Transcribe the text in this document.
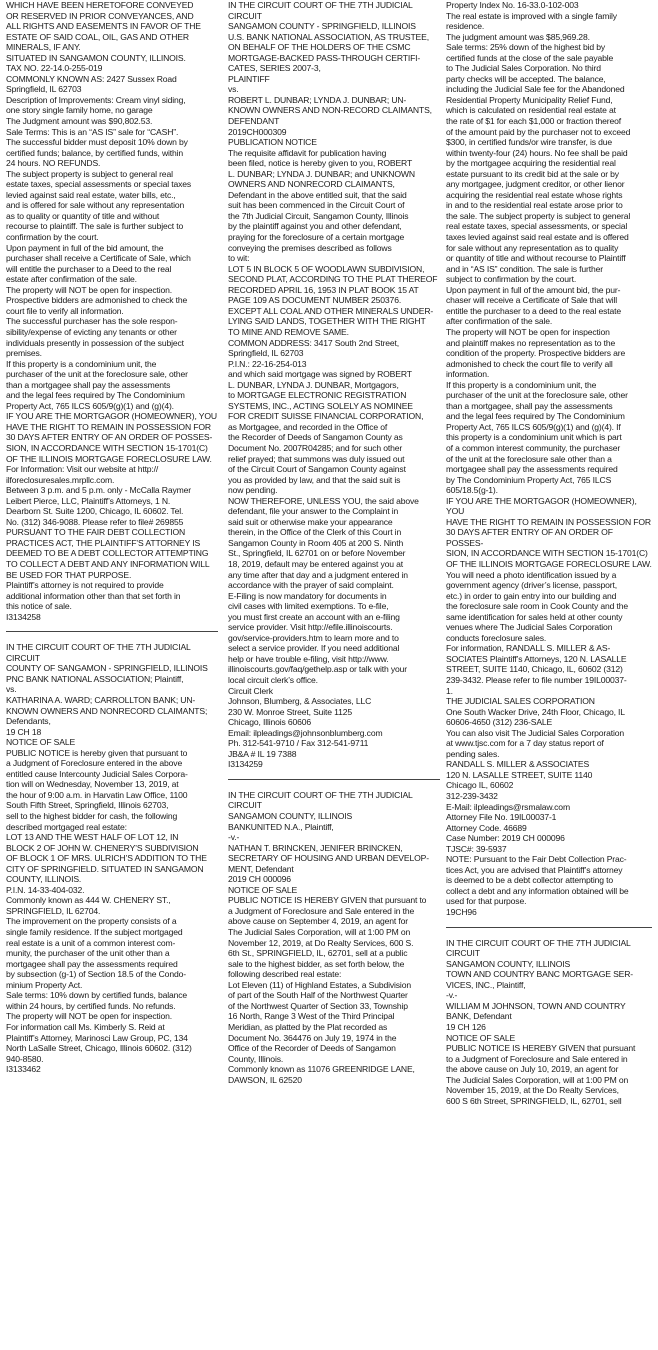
WHICH HAVE BEEN HERETOFORE CONVEYED

OR RESERVED IN PRIOR CONVEYANCES, AND

ALL RIGHTS AND EASEMENTS IN FAVOR OF THE

ESTATE OF SAID COAL, OIL, GAS AND OTHER

MINERALS, IF ANY.

SITUATED IN SANGAMON COUNTY, ILLINOIS.

TAX NO. 22-14.0-255-019

COMMONLY KNOWN AS: 2427 Sussex Road

Springfield, IL 62703

Description of Improvements: Cream vinyl siding,

one story single family home, no garage

The Judgment amount was $90,802.53.

Sale Terms: This is an “AS IS” sale for “CASH”.

The successful bidder must deposit 10% down by

certified funds; balance, by certified funds, within

24 hours. NO REFUNDS.

The subject property is subject to general real

estate taxes, special assessments or special taxes

levied against said real estate, water bills, etc.,

and is offered for sale without any representation

as to quality or quantity of title and without

recourse to plaintiff. The sale is further subject to

confirmation by the court.

Upon payment in full of the bid amount, the

purchaser shall receive a Certificate of Sale, which

will entitle the purchaser to a Deed to the real

estate after confirmation of the sale.

The property will NOT be open for inspection.

Prospective bidders are admonished to check the

court file to verify all information.

The successful purchaser has the sole respon-

sibility/expense of evicting any tenants or other

individuals presently in possession of the subject

premises.

If this property is a condominium unit, the

purchaser of the unit at the foreclosure sale, other

than a mortgagee shall pay the assessments

and the legal fees required by The Condominium

Property Act, 765 ILCS 605/9(g)(1) and (g)(4).

IF YOU ARE THE MORTGAGOR (HOMEOWNER), YOU

HAVE THE RIGHT TO REMAIN IN POSSESSION FOR

30 DAYS AFTER ENTRY OF AN ORDER OF POSSES-

SION, IN ACCORDANCE WITH SECTION 15-1701(C)

OF THE ILLINOIS MORTGAGE FORECLOSURE LAW.

For Information: Visit our website at http://

ilforeclosuresales.mrpllc.com.

Between 3 p.m. and 5 p.m. only - McCalla Raymer

Leibert Pierce, LLC, Plaintiff’s Attorneys, 1 N.

Dearborn St. Suite 1200, Chicago, IL 60602. Tel.

No. (312) 346-9088. Please refer to file# 269855

PURSUANT TO THE FAIR DEBT COLLECTION

PRACTICES ACT, THE PLAINTIFF’S ATTORNEY IS

DEEMED TO BE A DEBT COLLECTOR ATTEMPTING

TO COLLECT A DEBT AND ANY INFORMATION WILL

BE USED FOR THAT PURPOSE.

Plaintiff’s attorney is not required to provide

additional information other than that set forth in

this notice of sale.

I3134258

IN THE CIRCUIT COURT OF THE 7TH JUDICIAL

CIRCUIT

COUNTY OF SANGAMON - SPRINGFIELD, ILLINOIS

PNC BANK NATIONAL ASSOCIATION; Plaintiff,

vs.

KATHARINA A. WARD; CARROLLTON BANK; UN-

KNOWN OWNERS AND NONRECORD CLAIMANTS;

Defendants,

19 CH 18

NOTICE OF SALE

PUBLIC NOTICE is hereby given that pursuant to

a Judgment of Foreclosure entered in the above

entitled cause Intercounty Judicial Sales Corpora-

tion will on Wednesday, November 13, 2019, at

the hour of 9:00 a.m. in Harvatin Law Office, 1100

South Fifth Street, Springfield, Illinois 62703,

sell to the highest bidder for cash, the following

described mortgaged real estate:

LOT 13 AND THE WEST HALF OF LOT 12, IN

BLOCK 2 OF JOHN W. CHENERY’S SUBDIVISION

OF BLOCK 1 OF MRS. ULRICH’S ADDITION TO THE

CITY OF SPRINGFIELD. SITUATED IN SANGAMON

COUNTY, ILLINOIS.

P.I.N. 14-33-404-032.

Commonly known as 444 W. CHENERY ST.,

SPRINGFIELD, IL 62704.

The improvement on the property consists of a

single family residence. If the subject mortgaged

real estate is a unit of a common interest com-

munity, the purchaser of the unit other than a

mortgagee shall pay the assessments required

by subsection (g-1) of Section 18.5 of the Condo-

minium Property Act.

Sale terms: 10% down by certified funds, balance

within 24 hours, by certified funds. No refunds.

The property will NOT be open for inspection.

For information call Ms. Kimberly S. Reid at

Plaintiff’s Attorney, Marinosci Law Group, PC, 134

North LaSalle Street, Chicago, Illinois 60602. (312)

940-8580.

I3133462

IN THE CIRCUIT COURT OF THE 7TH JUDICIAL

CIRCUIT

SANGAMON COUNTY - SPRINGFIELD, ILLINOIS

U.S. BANK NATIONAL ASSOCIATION, AS TRUSTEE,

ON BEHALF OF THE HOLDERS OF THE CSMC

MORTGAGE-BACKED PASS-THROUGH CERTIFI-

CATES, SERIES 2007-3,

PLAINTIFF

vs.

ROBERT L. DUNBAR; LYNDA J. DUNBAR; UN-

KNOWN OWNERS AND NON-RECORD CLAIMANTS,

DEFENDANT

2019CH000309

PUBLICATION NOTICE

The requisite affidavit for publication having

been filed, notice is hereby given to you, ROBERT

L. DUNBAR; LYNDA J. DUNBAR; and UNKNOWN

OWNERS AND NONRECORD CLAIMANTS,

Defendant in the above entitled suit, that the said

suit has been commenced in the Circuit Court of

the 7th Judicial Circuit, Sangamon County, Illinois

by the plaintiff against you and other defendant,

praying for the foreclosure of a certain mortgage

conveying the premises described as follows

to wit:

LOT 5 IN BLOCK 5 OF WOODLAWN SUBDIVISION,

SECOND PLAT, ACCORDING TO THE PLAT THEREOF

RECORDED APRIL 16, 1953 IN PLAT BOOK 15 AT

PAGE 109 AS DOCUMENT NUMBER 250376.

EXCEPT ALL COAL AND OTHER MINERALS UNDER-

LYING SAID LANDS, TOGETHER WITH THE RIGHT

TO MINE AND REMOVE SAME.

COMMON ADDRESS: 3417 South 2nd Street,

Springfield, IL 62703

P.I.N.: 22-16-254-013

and which said mortgage was signed by ROBERT

L. DUNBAR, LYNDA J. DUNBAR, Mortgagors,

to MORTGAGE ELECTRONIC REGISTRATION

SYSTEMS, INC., ACTING SOLELY AS NOMINEE

FOR CREDIT SUISSE FINANCIAL CORPORATION,

as Mortgagee, and recorded in the Office of

the Recorder of Deeds of Sangamon County as

Document No. 2007R04285; and for such other

relief prayed; that summons was duly issued out

of the Circuit Court of Sangamon County against

you as provided by law, and that the said suit is

now pending.

NOW THEREFORE, UNLESS YOU, the said above

defendant, file your answer to the Complaint in

said suit or otherwise make your appearance

therein, in the Office of the Clerk of this Court in

Sangamon County in Room 405 at 200 S. Ninth

St., Springfield, IL 62701 on or before November

18, 2019, default may be entered against you at

any time after that day and a judgment entered in

accordance with the prayer of said complaint.

E-Filing is now mandatory for documents in

civil cases with limited exemptions. To e-file,

you must first create an account with an e-filing

service provider. Visit http://efile.illinoiscourts.

gov/service-providers.htm to learn more and to

select a service provider. If you need additional

help or have trouble e-filing, visit http://www.

illinoiscourts.gov/faq/gethelp.asp or talk with your

local circuit clerk’s office.

Circuit Clerk

Johnson, Blumberg, & Associates, LLC

230 W. Monroe Street, Suite 1125

Chicago, Illinois 60606

Email: ilpleadings@johnsonblumberg.com

Ph. 312-541-9710 / Fax 312-541-9711

JB&A # IL 19 7388

I3134259

IN THE CIRCUIT COURT OF THE 7TH JUDICIAL

CIRCUIT

SANGAMON COUNTY, ILLINOIS

BANKUNITED N.A., Plaintiff,

-v.-

NATHAN T. BRINCKEN, JENIFER BRINCKEN,

SECRETARY OF HOUSING AND URBAN DEVELOP-

MENT, Defendant

2019 CH 000096

NOTICE OF SALE

PUBLIC NOTICE IS HEREBY GIVEN that pursuant to

a Judgment of Foreclosure and Sale entered in the

above cause on September 4, 2019, an agent for

The Judicial Sales Corporation, will at 1:00 PM on

November 12, 2019, at Do Realty Services, 600 S.

6th St., SPRINGFIELD, IL, 62701, sell at a public

sale to the highest bidder, as set forth below, the

following described real estate:

Lot Eleven (11) of Highland Estates, a Subdivision

of part of the South Half of the Northwest Quarter

of the Northwest Quarter of Section 33, Township

16 North, Range 3 West of the Third Principal

Meridian, as platted by the Plat recorded as

Document No. 364476 on July 19, 1974 in the

Office of the Recorder of Deeds of Sangamon

County, Illinois.

Commonly known as 11076 GREENRIDGE LANE,

DAWSON, IL 62520

Property Index No. 16-33.0-102-003

The real estate is improved with a single family

residence.

The judgment amount was $85,969.28.

Sale terms: 25% down of the highest bid by

certified funds at the close of the sale payable

to The Judicial Sales Corporation. No third

party checks will be accepted. The balance,

including the Judicial Sale fee for the Abandoned

Residential Property Municipality Relief Fund,

which is calculated on residential real estate at

the rate of $1 for each $1,000 or fraction thereof

of the amount paid by the purchaser not to exceed

$300, in certified funds/or wire transfer, is due

within twenty-four (24) hours. No fee shall be paid

by the mortgagee acquiring the residential real

estate pursuant to its credit bid at the sale or by

any mortgagee, judgment creditor, or other lienor

acquiring the residential real estate whose rights

in and to the residential real estate arose prior to

the sale. The subject property is subject to general

real estate taxes, special assessments, or special

taxes levied against said real estate and is offered

for sale without any representation as to quality

or quantity of title and without recourse to Plaintiff

and in “AS IS” condition. The sale is further

subject to confirmation by the court.

Upon payment in full of the amount bid, the pur-

chaser will receive a Certificate of Sale that will

entitle the purchaser to a deed to the real estate

after confirmation of the sale.

The property will NOT be open for inspection

and plaintiff makes no representation as to the

condition of the property. Prospective bidders are

admonished to check the court file to verify all

information.

If this property is a condominium unit, the

purchaser of the unit at the foreclosure sale, other

than a mortgagee, shall pay the assessments

and the legal fees required by The Condominium

Property Act, 765 ILCS 605/9(g)(1) and (g)(4). If

this property is a condominium unit which is part

of a common interest community, the purchaser

of the unit at the foreclosure sale other than a

mortgagee shall pay the assessments required

by The Condominium Property Act, 765 ILCS

605/18.5(g-1).

IF YOU ARE THE MORTGAGOR (HOMEOWNER), YOU

HAVE THE RIGHT TO REMAIN IN POSSESSION FOR

30 DAYS AFTER ENTRY OF AN ORDER OF POSSES-

SION, IN ACCORDANCE WITH SECTION 15-1701(C)

OF THE ILLINOIS MORTGAGE FORECLOSURE LAW.

You will need a photo identification issued by a

government agency (driver’s license, passport,

etc.) in order to gain entry into our building and

the foreclosure sale room in Cook County and the

same identification for sales held at other county

venues where The Judicial Sales Corporation

conducts foreclosure sales.

For information, RANDALL S. MILLER & AS-

SOCIATES Plaintiff’s Attorneys, 120 N. LASALLE

STREET, SUITE 1140, Chicago, IL, 60602 (312)

239-3432. Please refer to file number 19IL00037-

1.

THE JUDICIAL SALES CORPORATION

One South Wacker Drive, 24th Floor, Chicago, IL

60606-4650 (312) 236-SALE

You can also visit The Judicial Sales Corporation

at www.tjsc.com for a 7 day status report of

pending sales.

RANDALL S. MILLER & ASSOCIATES

120 N. LASALLE STREET, SUITE 1140

Chicago IL, 60602

312-239-3432

E-Mail: ilpleadings@rsmalaw.com

Attorney File No. 19IL00037-1

Attorney Code. 46689

Case Number: 2019 CH 000096

TJSC#: 39-5937

NOTE: Pursuant to the Fair Debt Collection Prac-

tices Act, you are advised that Plaintiff’s attorney

is deemed to be a debt collector attempting to

collect a debt and any information obtained will be

used for that purpose.

19CH96

IN THE CIRCUIT COURT OF THE 7TH JUDICIAL

CIRCUIT

SANGAMON COUNTY, ILLINOIS

TOWN AND COUNTRY BANC MORTGAGE SER-

VICES, INC., Plaintiff,

-v.-

WILLIAM M JOHNSON, TOWN AND COUNTRY

BANK, Defendant

19 CH 126

NOTICE OF SALE

PUBLIC NOTICE IS HEREBY GIVEN that pursuant

to a Judgment of Foreclosure and Sale entered in

the above cause on July 10, 2019, an agent for

The Judicial Sales Corporation, will at 1:00 PM on

November 15, 2019, at the Do Realty Services,

600 S 6th Street, SPRINGFIELD, IL, 62701, sell
